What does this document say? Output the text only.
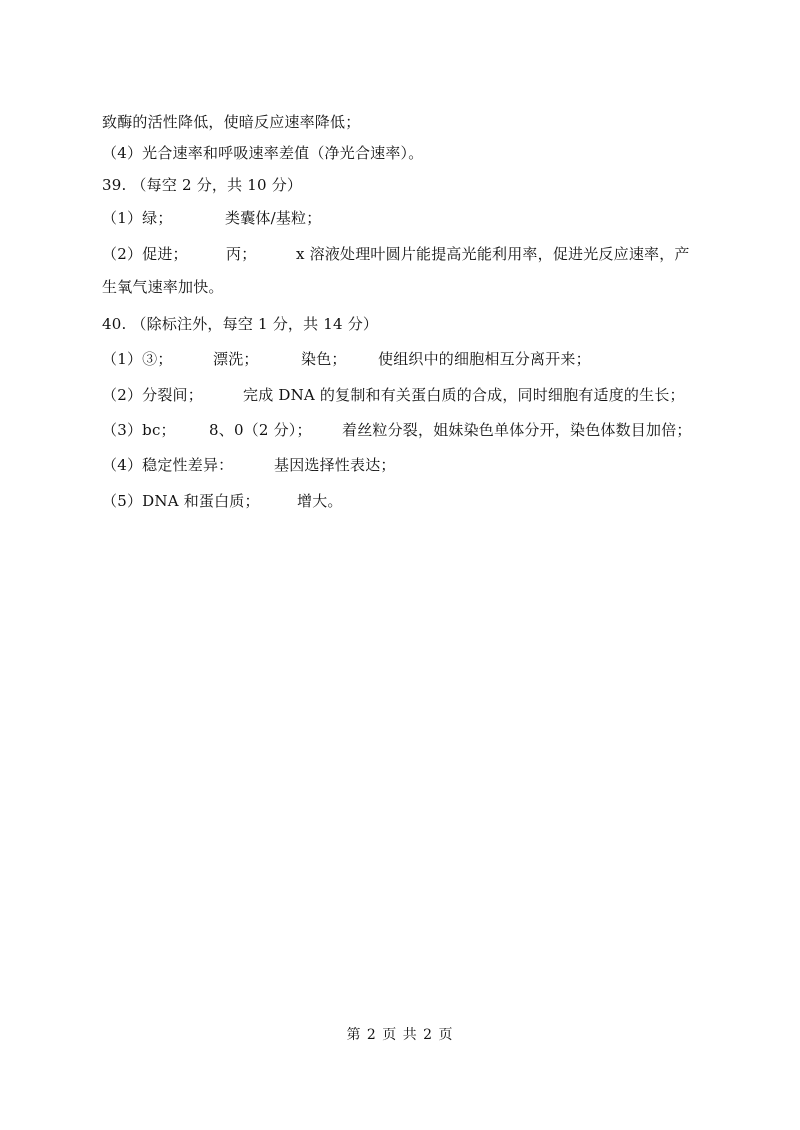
致酶的活性降低，使暗反应速率降低；
（4）光合速率和呼吸速率差值（净光合速率）。
39. （每空 2 分，共 10 分）
（1）绿；	类囊体/基粒；
（2）促进；	丙；	x 溶液处理叶圆片能提高光能利用率，促进光反应速率，产
生氧气速率加快。
40. （除标注外，每空 1 分，共 14 分）
（1）③；	漂洗；	染色； 使组织中的细胞相互分离开来；
（2）分裂间；	完成 DNA 的复制和有关蛋白质的合成，同时细胞有适度的生长；
（3）bc； 8、0（2 分）； 着丝粒分裂，姐妹染色单体分开，染色体数目加倍；
（4）稳定性差异：	基因选择性表达；
（5）DNA 和蛋白质； 增大。
第 2 页 共 2 页
